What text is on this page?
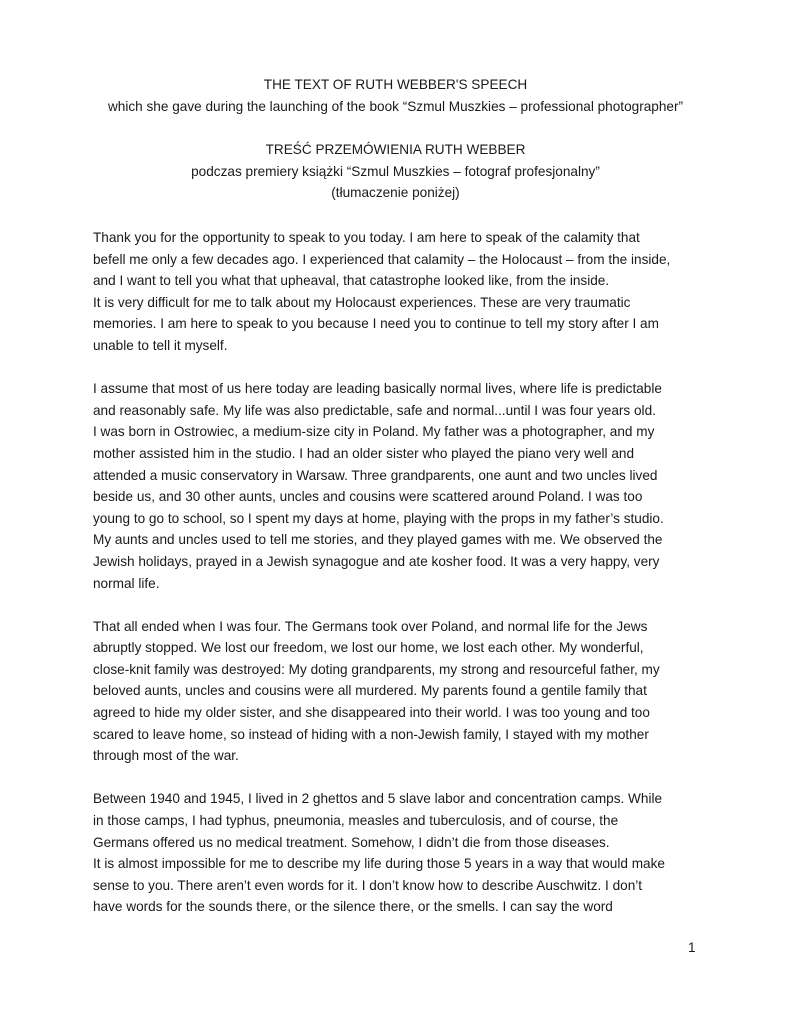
THE TEXT OF RUTH WEBBER'S SPEECH
which she gave during the launching of the book “Szmul Muszkies – professional photographer”
TREŚĆ PRZEMÓWIENIA RUTH WEBBER
podczas premiery książki “Szmul Muszkies – fotograf profesjonalny”
(tłumaczenie poniżej)

Thank you for the opportunity to speak to you today. I am here to speak of the calamity that
befell me only a few decades ago. I experienced that calamity – the Holocaust – from the inside,
and I want to tell you what that upheaval, that catastrophe looked like, from the inside.
It is very difficult for me to talk about my Holocaust experiences. These are very traumatic
memories. I am here to speak to you because I need you to continue to tell my story after I am
unable to tell it myself.

I assume that most of us here today are leading basically normal lives, where life is predictable
and reasonably safe. My life was also predictable, safe and normal...until I was four years old.
I was born in Ostrowiec, a medium-size city in Poland. My father was a photographer, and my
mother assisted him in the studio. I had an older sister who played the piano very well and
attended a music conservatory in Warsaw. Three grandparents, one aunt and two uncles lived
beside us, and 30 other aunts, uncles and cousins were scattered around Poland. I was too
young to go to school, so I spent my days at home, playing with the props in my father’s studio.
My aunts and uncles used to tell me stories, and they played games with me. We observed the
Jewish holidays, prayed in a Jewish synagogue and ate kosher food. It was a very happy, very
normal life.

That all ended when I was four. The Germans took over Poland, and normal life for the Jews
abruptly stopped. We lost our freedom, we lost our home, we lost each other. My wonderful,
close-knit family was destroyed: My doting grandparents, my strong and resourceful father, my
beloved aunts, uncles and cousins were all murdered. My parents found a gentile family that
agreed to hide my older sister, and she disappeared into their world. I was too young and too
scared to leave home, so instead of hiding with a non-Jewish family, I stayed with my mother
through most of the war.

Between 1940 and 1945, I lived in 2 ghettos and 5 slave labor and concentration camps. While
in those camps, I had typhus, pneumonia, measles and tuberculosis, and of course, the
Germans offered us no medical treatment. Somehow, I didn’t die from those diseases.
It is almost impossible for me to describe my life during those 5 years in a way that would make
sense to you. There aren’t even words for it. I don’t know how to describe Auschwitz. I don’t
have words for the sounds there, or the silence there, or the smells. I can say the word

1
